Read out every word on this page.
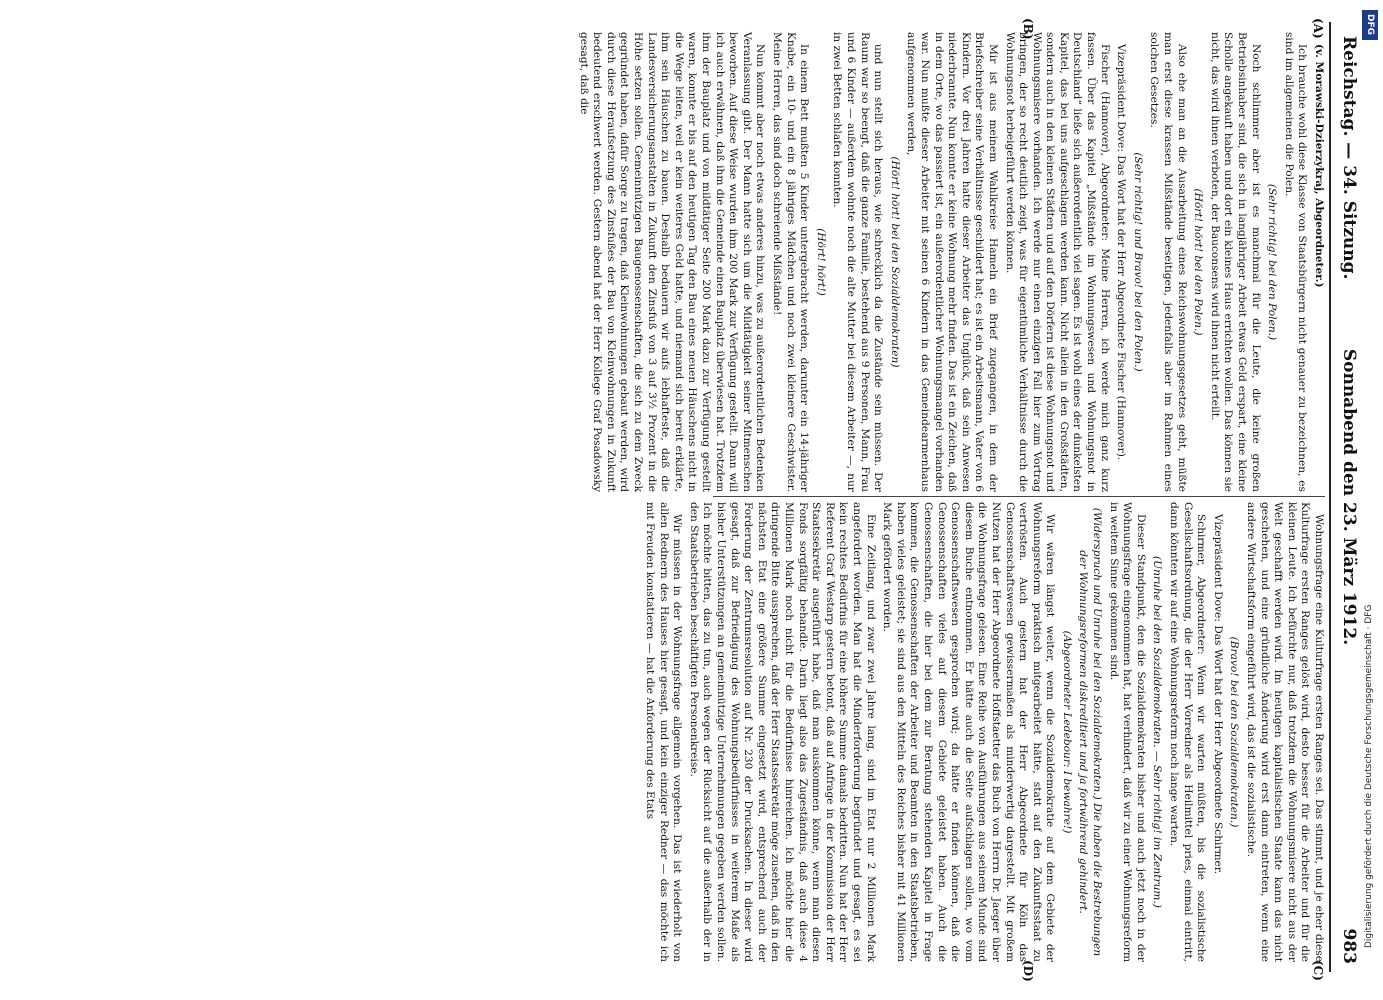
Reichstag. — 34. Sitzung.
Sonnabend den 23. März 1912.
983
(A)
(B)
(C)
(D)

(v. Morawski-Dzierzykraj, Abgeordneter.)

Ich brauche wohl diese Klasse von Staatsbürgern nicht genauer zu bezeichnen, es sind im allgemeinen die Polen.

(Sehr richtig! bei den Polen.)

Noch schlimmer aber ist es manchmal für die Leute, die keine großen Betriebsinhaber sind, die sich in langjähriger Arbeit etwas Geld erspart, eine kleine Scholle angekauft haben und dort ein kleines Haus errichten wollen. Das können sie nicht, das wird ihnen verboten, der Bauconsens wird ihnen nicht erteilt.

(Hört! hört! bei den Polen.)

Also ehe man an die Ausarbeitung eines Reichswohnungsgesetzes geht, müßte man erst diese krassen Mißstände beseitigen, jedenfalls aber im Rahmen eines solchen Gesetzes.

(Sehr richtig! und Bravo! bei den Polen.)

Vizepräsident Dove: Das Wort hat der Herr Abgeordnete Fischer (Hannover).

Fischer (Hannover), Abgeordneter: Meine Herren, ich werde mich ganz kurz fassen. Über das Kapitel „Mißstände im Wohnungswesen und Wohnungsnot in Deutschland“ ließe sich außerordentlich viel sagen. Es ist wohl eines der dunkelsten Kapitel, das bei uns aufgeschlagen werden kann. Nicht allein in den Großstädten, sondern auch in den kleinen Städten und auf den Dörfern ist diese Wohnungsnot und Wohnungsmisere vorhanden. Ich werde nur einen einzigen Fall hier zum Vortrag bringen, der so recht deutlich zeigt, was für eigentümliche Verhältnisse durch die Wohnungsnot herbeigeführt werden können.

Mir ist aus meinem Wahlkreise Hameln ein Brief zugegangen, in dem der Briefschreiber seine Verhältnisse geschildert hat; es ist ein Arbeitsmann, Vater von 6 Kindern. Vor drei Jahren hatte dieser Arbeiter das Unglück, daß sein Anwesen niederbrannte. Nun konnte er keine Wohnung mehr finden. Das ist ein Zeichen, daß in dem Orte, wo das passiert ist, ein außerordentlicher Wohnungsmangel vorhanden war. Nun mußte dieser Arbeiter mit seinen 6 Kindern in das Gemeindearmenhaus aufgenommen werden,

(Hört! hört! bei den Sozialdemokraten)

und nun stellt sich heraus, wie schrecklich da die Zustände sein müssen. Der Raum war so beengt, daß die ganze Familie, bestehend aus 9 Personen, Mann, Frau und 6 Kinder — außerdem wohnte noch die alte Mutter bei diesem Arbeiter —, nur in zwei Betten schlafen konnten.

(Hört! hört!)

In einem Bett mußten 5 Kinder untergebracht werden, darunter ein 14-jähriger Knabe, ein 10- und ein 8 jähriges Mädchen und noch zwei kleinere Geschwister. Meine Herren, das sind doch schreiende Mißstände!

Nun kommt aber noch etwas anderes hinzu, was zu außerordentlichen Bedenken Veranlassung gibt. Der Mann hatte sich um die Mildtätigkeit seiner Mitmenschen beworben. Auf diese Weise wurden ihm 200 Mark zur Verfügung gestellt. Dann will ich auch erwähnen, daß ihm die Gemeinde einen Bauplatz überwiesen hat. Trotzdem ihm der Bauplatz und von mildtätiger Seite 200 Mark dazu zur Verfügung gestellt waren, konnte er bis auf den heutigen Tag den Bau eines neuen Häuschens nicht in die Wege leiten, weil er kein weiteres Geld hatte, und niemand sich bereit erklärte, ihm sein Häuschen zu bauen. Deshalb bedauern wir aufs lebhafteste, daß die Landesversicherungsanstalten in Zukunft den Zinsfuß von 3 auf 3½ Prozent in die Höhe setzen sollen. Gemeinnützigen Baugenossenschaften, die sich zu dem Zweck gegründet haben, dafür Sorge zu tragen, daß Kleinwohnungen gebaut werden, wird durch diese Heraufsetzung des Zinsfußes der Bau von Kleinwohnungen in Zukunft bedeutend erschwert werden. Gestern abend hat der Herr Kollege Graf Posadowsky gesagt, daß die

Wohnungsfrage eine Kulturfrage ersten Ranges sei. Das stimmt, und je eher diese Kulturfrage ersten Ranges gelöst wird, desto besser für die Arbeiter und für die kleinen Leute. Ich befürchte nur, daß trotzdem die Wohnungsmisere nicht aus der Welt geschafft werden wird. Im heutigen kapitalistischen Staate kann das nicht geschehen, und eine gründliche Änderung wird erst dann eintreten, wenn eine andere Wirtschaftsform eingeführt wird, das ist die sozialistische.

(Bravo! bei den Sozialdemokraten.)

Vizepräsident Dove: Das Wort hat der Herr Abgeordnete Schirmer.

Schirmer, Abgeordneter: Wenn wir warten müßten, bis die sozialistische Gesellschaftsordnung, die der Herr Vorredner als Heilmittel pries, einmal eintritt, dann könnten wir auf eine Wohnungsreform noch lange warten.

(Unruhe bei den Sozialdemokraten. — Sehr richtig! im Zentrum.)

Dieser Standpunkt, den die Sozialdemokraten bisher und auch jetzt noch in der Wohnungsfrage eingenommen hat, hat verhindert, daß wir zu einer Wohnungsreform in weitem Sinne gekommen sind.

(Widerspruch und Unruhe bei den Sozialdemokraten.) Die haben die Bestrebungen der Wohnungsreformen diskreditiert und ja fortwährend gehindert.

(Abgeordneter Ledebour: I bewahre!)

Wir wären längst weiter, wenn die Sozialdemokratie auf dem Gebiete der Wohnungsreform praktisch mitgearbeitet hätte, statt auf den Zukunftsstaat zu vertrösten. Auch gestern hat der Herr Abgeordnete für Köln das Genossenschaftswesen gewissermaßen als minderwertig dargestellt. Mit großem Nutzen hat der Herr Abgeordnete Hoffstaetter das Buch von Herrn Dr. Jaeger über die Wohnungsfrage gelesen. Eine Reihe von Ausführungen aus seinem Munde sind diesem Buche entnommen. Er hätte auch die Seite aufschlagen sollen, wo vom Genossenschaftswesen gesprochen wird; da hätte er finden können, daß die Genossenschaften vieles auf diesem Gebiete geleistet haben. Auch die Genossenschaften, die hier bei dem zur Beratung stehenden Kapitel in Frage kommen, die Genossenschaften der Arbeiter und Beamten in den Staatsbetrieben, haben vieles geleistet; sie sind aus den Mitteln des Reiches bisher mit 41 Millionen Mark gefördert worden.

Eine Zeitlang, und zwar zwei Jahre lang, sind im Etat nur 2 Millionen Mark angefordert worden. Man hat die Minderforderung begründet und gesagt, es sei kein rechtes Bedürfnis für eine höhere Summe damals bedritten. Nun hat der Herr Referent Graf Westarp gestern betont, daß auf Anfrage in der Kommission der Herr Staatssekretär ausgeführt habe, daß man auskommen könne, wenn man diesen Fonds sorgfältig behandle. Darin liegt also das Zugeständnis, daß auch diese 4 Millionen Mark noch nicht für die Bedürfnisse hinreichen. Ich möchte hier die dringende Bitte aussprechen, daß der Herr Staatssekretär möge zusehen, daß in den nächsten Etat eine größere Summe eingesetzt wird, entsprechend auch der Forderung der Zentrumsresolution auf Nr. 230 der Drucksachen. In dieser wird gesagt, daß zur Befriedigung des Wohnungsbedürfnisses in weiterem Maße als bisher Unterstützungen an gemeinnützige Unternehmungen gegeben werden sollen. Ich möchte bitten, das zu tun, auch wegen der Rücksicht auf die außerhalb der in den Staatsbetrieben beschäftigten Personenkreise.

Wir müssen in der Wohnungsfrage allgemein vorgehen. Das ist wiederholt von allen Rednern des Hauses hier gesagt, und kein einziger Redner — das möchte ich mit Freuden konstatieren — hat die Anforderung des Etats

DFG
Digitalisierung gefördert durch die Deutsche Forschungsgemeinschaft · DFG
